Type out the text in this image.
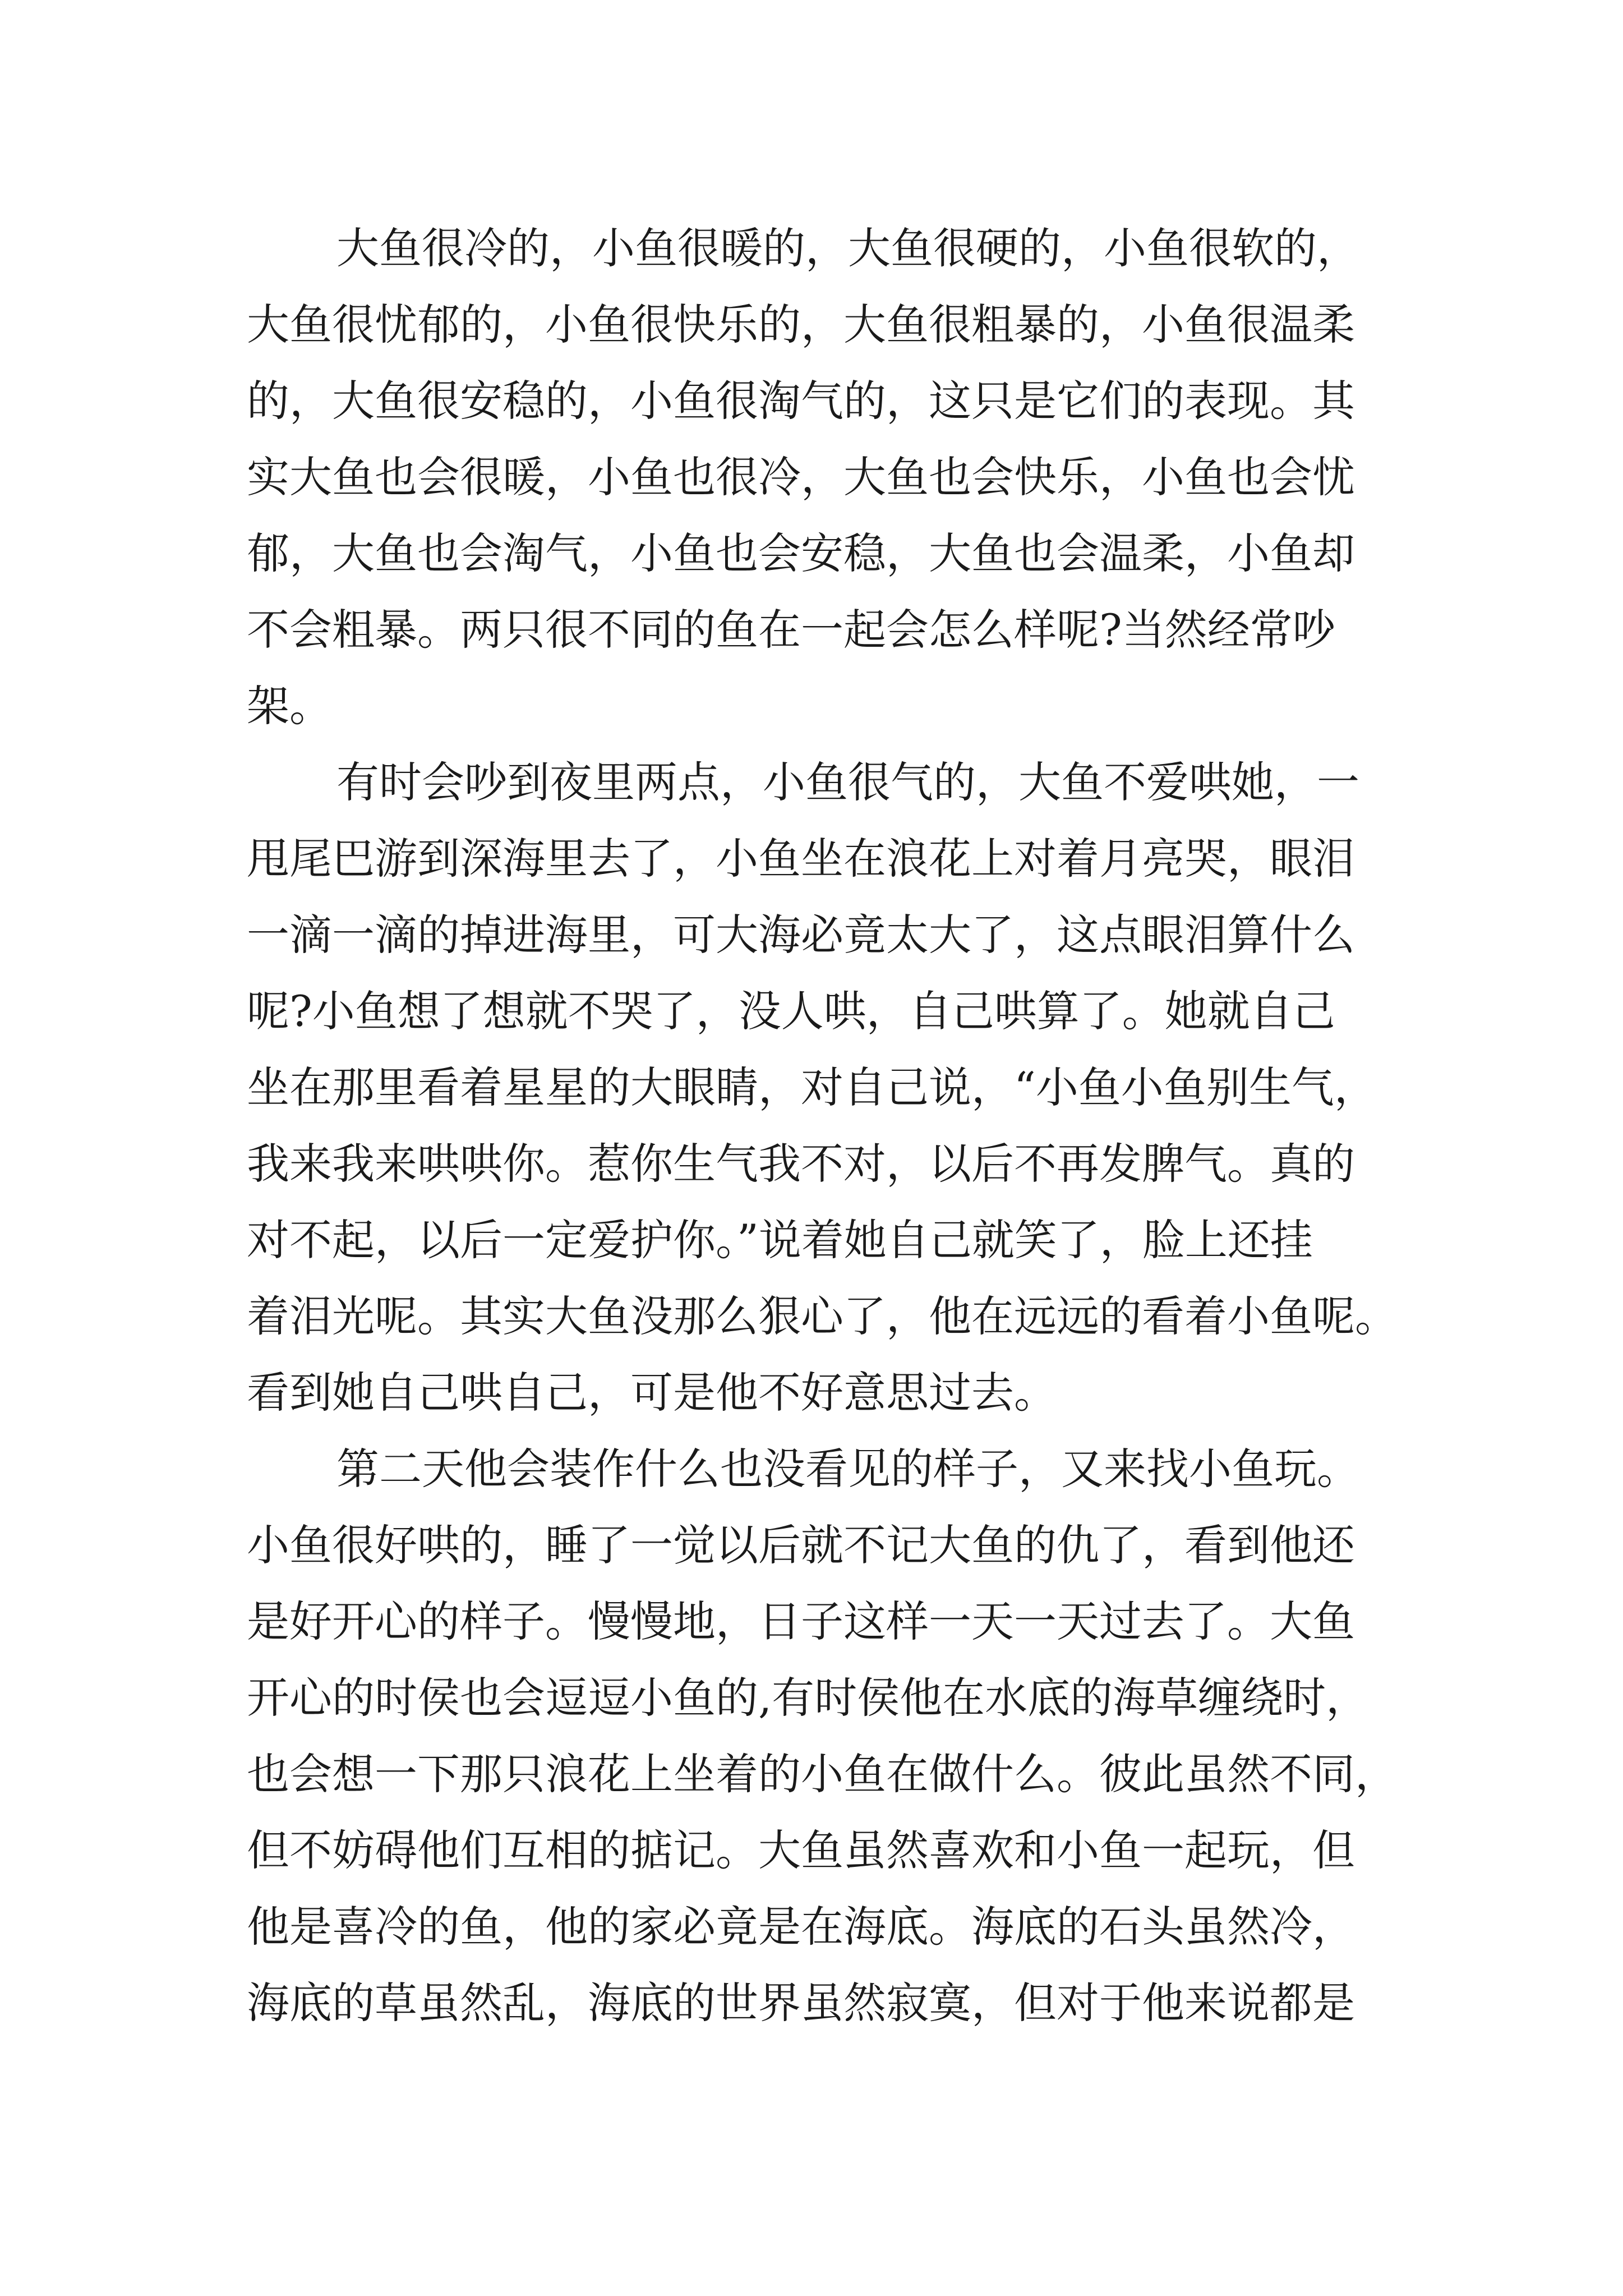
大鱼很冷的，小鱼很暖的，大鱼很硬的，小鱼很软的，
大鱼很忧郁的，小鱼很快乐的，大鱼很粗暴的，小鱼很温柔
的，大鱼很安稳的，小鱼很淘气的，这只是它们的表现。其
实大鱼也会很暖，小鱼也很冷，大鱼也会快乐，小鱼也会忧
郁，大鱼也会淘气，小鱼也会安稳，大鱼也会温柔，小鱼却
不会粗暴。两只很不同的鱼在一起会怎么样呢?当然经常吵
架。
有时会吵到夜里两点，小鱼很气的，大鱼不爱哄她，一
甩尾巴游到深海里去了，小鱼坐在浪花上对着月亮哭，眼泪
一滴一滴的掉进海里，可大海必竟太大了，这点眼泪算什么
呢?小鱼想了想就不哭了，没人哄，自己哄算了。她就自己
坐在那里看着星星的大眼睛，对自己说，“小鱼小鱼别生气，
我来我来哄哄你。惹你生气我不对，以后不再发脾气。真的
对不起，以后一定爱护你。”说着她自己就笑了，脸上还挂
着泪光呢。其实大鱼没那么狠心了，他在远远的看着小鱼呢。
看到她自己哄自己，可是他不好意思过去。
第二天他会装作什么也没看见的样子，又来找小鱼玩。
小鱼很好哄的，睡了一觉以后就不记大鱼的仇了，看到他还
是好开心的样子。慢慢地，日子这样一天一天过去了。大鱼
开心的时侯也会逗逗小鱼的,有时侯他在水底的海草缠绕时，
也会想一下那只浪花上坐着的小鱼在做什么。彼此虽然不同，
但不妨碍他们互相的掂记。大鱼虽然喜欢和小鱼一起玩，但
他是喜冷的鱼，他的家必竟是在海底。海底的石头虽然冷，
海底的草虽然乱，海底的世界虽然寂寞，但对于他来说都是
